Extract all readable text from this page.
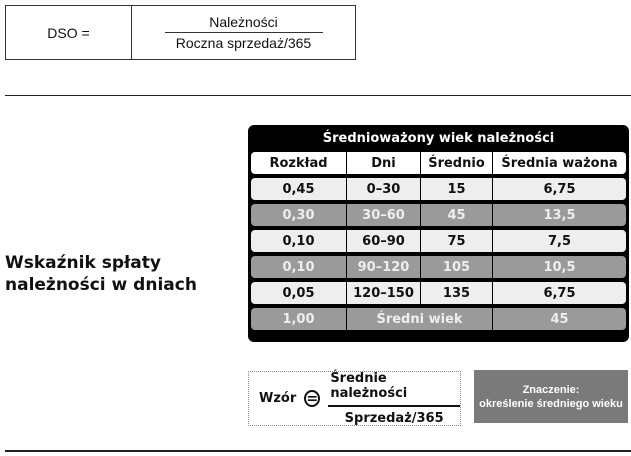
DSO =	$\frac{\text{Należności}}{\text{Roczna sprzedaż/365}}$
Wskaźnik spłaty
należności w dniach
Średnioważony wiek należności
Rozkład	Dni	Średnio	Średnia ważona
0,45	0–30	15	6,75
0,30	30–60	45	13,5
0,10	60–90	75	7,5
0,10	90–120	105	10,5
0,05	120–150	135	6,75
1,00	Średni wiek	45
Wzór = $\frac{\text{Średnie należności}}{\text{Sprzedaż/365}}$	Znaczenie:
określenie średniego wieku
